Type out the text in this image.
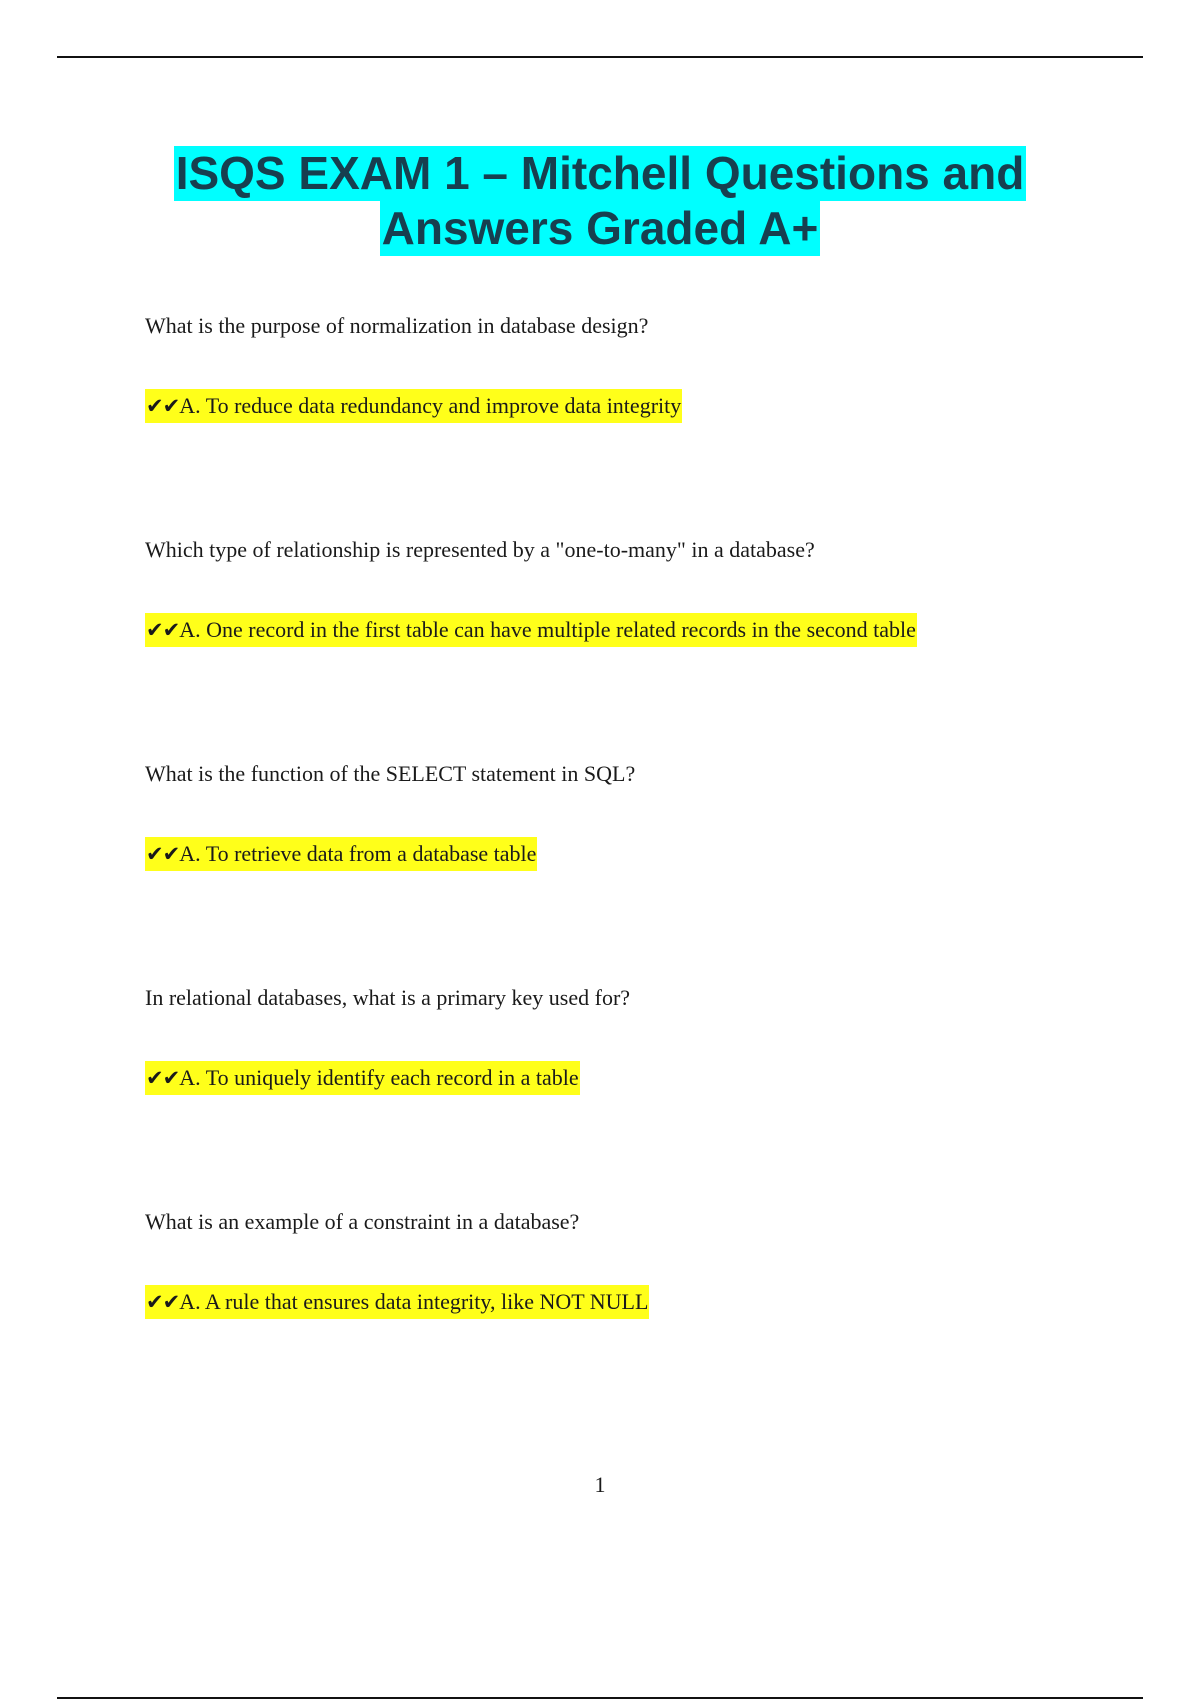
ISQS EXAM 1 – Mitchell Questions and
Answers Graded A+
What is the purpose of normalization in database design?
✔✔A. To reduce data redundancy and improve data integrity
Which type of relationship is represented by a "one-to-many" in a database?
✔✔A. One record in the first table can have multiple related records in the second table
What is the function of the SELECT statement in SQL?
✔✔A. To retrieve data from a database table
In relational databases, what is a primary key used for?
✔✔A. To uniquely identify each record in a table
What is an example of a constraint in a database?
✔✔A. A rule that ensures data integrity, like NOT NULL
1
